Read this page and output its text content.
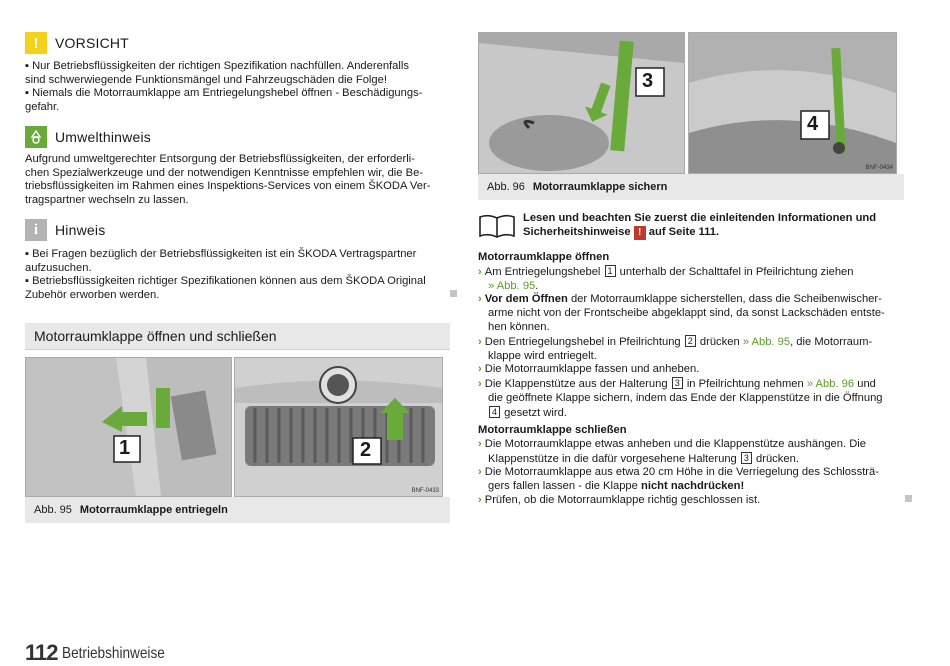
!	VORSICHT

▪ Nur Betriebsflüssigkeiten der richtigen Spezifikation nachfüllen. Anderenfalls

sind schwerwiegende Funktionsmängel und Fahrzeugschäden die Folge!

▪ Niemals die Motorraumklappe am Entriegelungshebel öffnen - Beschädigungs-

gefahr.

Umwelthinweis

Aufgrund umweltgerechter Entsorgung der Betriebsflüssigkeiten, der erforderli-

chen Spezialwerkzeuge und der notwendigen Kenntnisse empfehlen wir, die Be-

triebsflüssigkeiten im Rahmen eines Inspektions-Services von einem ŠKODA Ver-

tragspartner wechseln zu lassen.

i	Hinweis

▪ Bei Fragen bezüglich der Betriebsflüssigkeiten ist ein ŠKODA Vertragspartner

aufzusuchen.

▪ Betriebsflüssigkeiten richtiger Spezifikationen können aus dem ŠKODA Original

Zubehör erworben werden.

Motorraumklappe öffnen und schließen
1	2
BNF-0433
Abb. 95 Motorraumklappe entriegeln
3
4
BNF-0434
Abb. 96 Motorraumklappe sichern

Lesen und beachten Sie zuerst die einleitenden Informationen und

Sicherheitshinweise ! auf Seite 111.

Motorraumklappe öffnen

› Am Entriegelungshebel 1 unterhalb der Schalttafel in Pfeilrichtung ziehen

» Abb. 95.

› Vor dem Öffnen der Motorraumklappe sicherstellen, dass die Scheibenwischer-

arme nicht von der Frontscheibe abgeklappt sind, da sonst Lackschäden entste-

hen können.

› Den Entriegelungshebel in Pfeilrichtung 2 drücken » Abb. 95, die Motorraum-

klappe wird entriegelt.

› Die Motorraumklappe fassen und anheben.

› Die Klappenstütze aus der Halterung 3 in Pfeilrichtung nehmen » Abb. 96 und

die geöffnete Klappe sichern, indem das Ende der Klappenstütze in die Öffnung

4 gesetzt wird.

Motorraumklappe schließen

› Die Motorraumklappe etwas anheben und die Klappenstütze aushängen. Die

Klappenstütze in die dafür vorgesehene Halterung 3 drücken.

› Die Motorraumklappe aus etwa 20 cm Höhe in die Verriegelung des Schlossträ-

gers fallen lassen - die Klappe nicht nachdrücken!

› Prüfen, ob die Motorraumklappe richtig geschlossen ist.

112 Betriebshinweise
